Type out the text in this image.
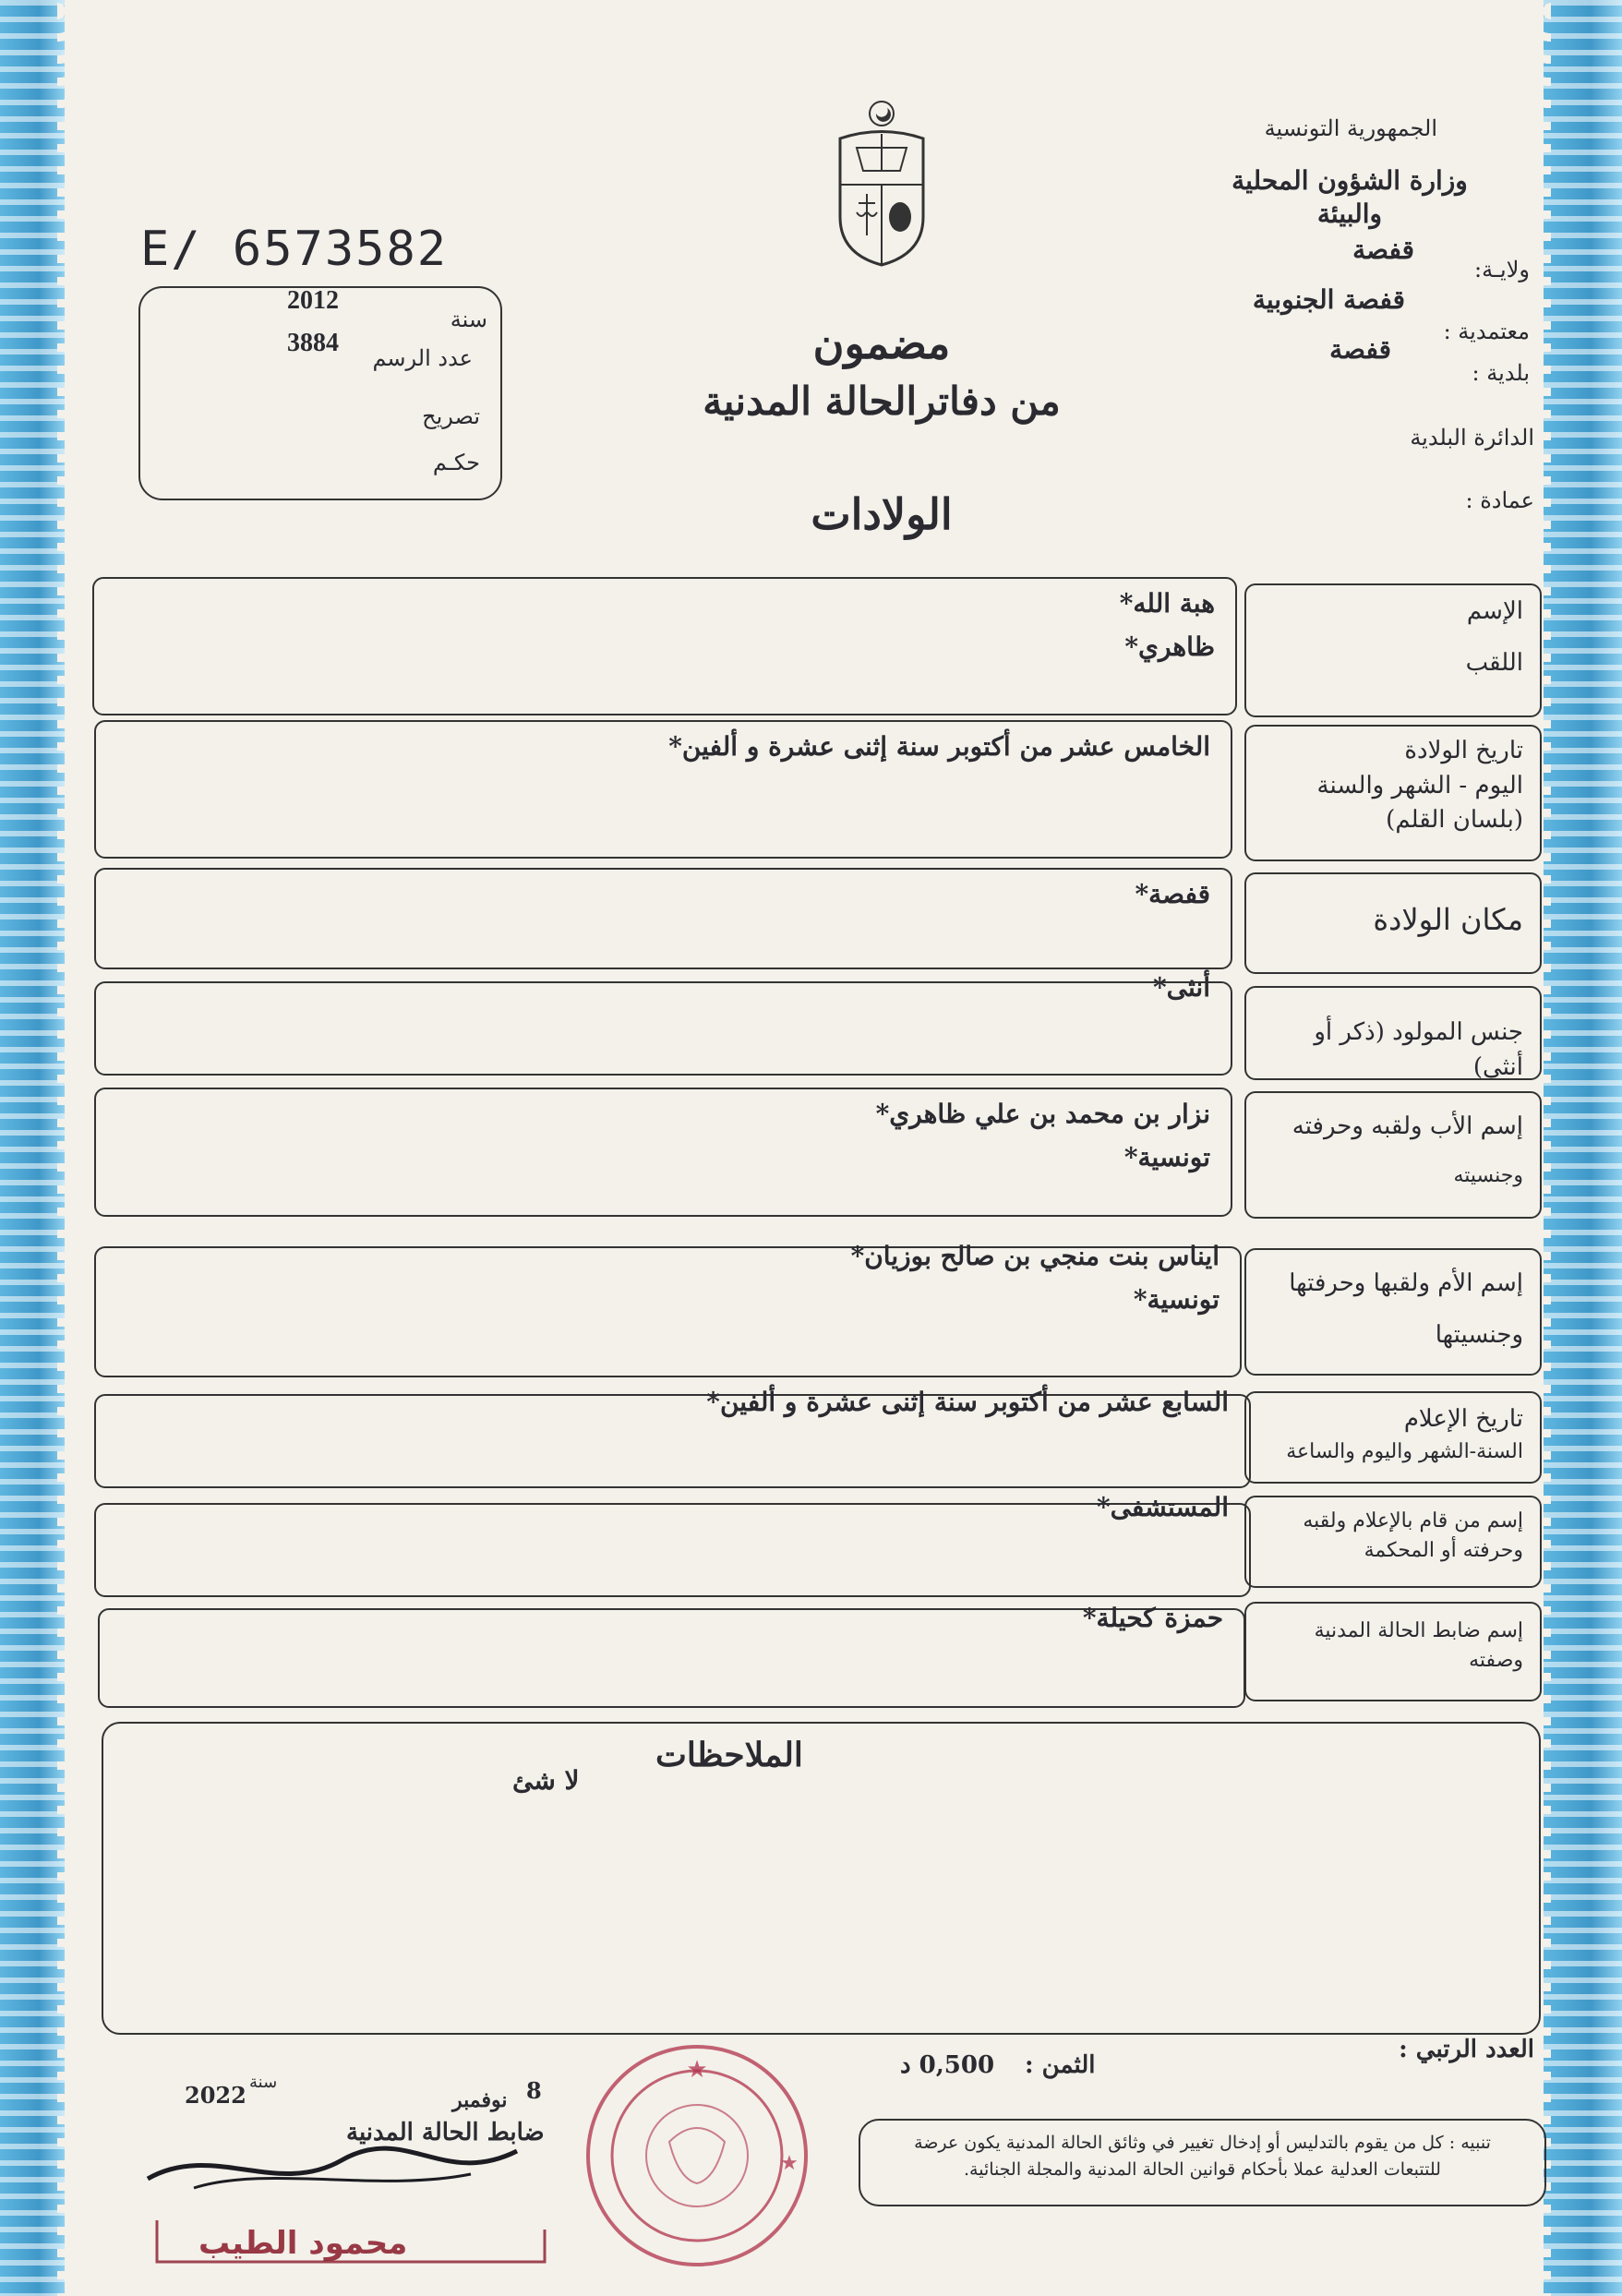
الجمهورية التونسية
وزارة الشؤون المحلية والبيئة
ولايـة:
قفصة
معتمدية :
قفصة الجنوبية
بلدية :
قفصة
الدائرة البلدية
عمادة :
E/ 6573582
سنة
2012
عدد الرسم
3884
تصريح
حكـم
مضمون
من دفاترالحالة المدنية
الولادات
الإسم
اللقب
هبة الله*
ظاهري*
تاريخ الولادة
اليوم - الشهر والسنة
(بلسان القلم)
الخامس عشر من أكتوبر سنة إثنى عشرة و ألفين*
مكان الولادة
قفصة*
جنس المولود (ذكر أو أنثى)
أنثى*
إسم الأب ولقبه وحرفته
وجنسيته
نزار بن محمد بن علي ظاهري*
تونسية*
إسم الأم ولقبها وحرفتها
وجنسيتها
ايناس بنت منجي بن صالح بوزيان*
تونسية*
تاريخ الإعلام
السنة-الشهر واليوم والساعة
السابع عشر من أكتوبر سنة إثنى عشرة و ألفين*
إسم من قام بالإعلام ولقبه
وحرفته أو المحكمة
المستشفى*
إسم ضابط الحالة المدنية
وصفته
حمزة كحيلة*
الملاحظات
لا شئ
العدد الرتبي :
الثمن :
0,500 د
تنبيه : كل من يقوم بالتدليس أو إدخال تغيير في وثائق الحالة المدنية يكون عرضة
للتتبعات العدلية عملا بأحكام قوانين الحالة المدنية والمجلة الجنائية.
8
نوفمبر
سنة
2022
ضابط الحالة المدنية
محمود الطيب
★
★
